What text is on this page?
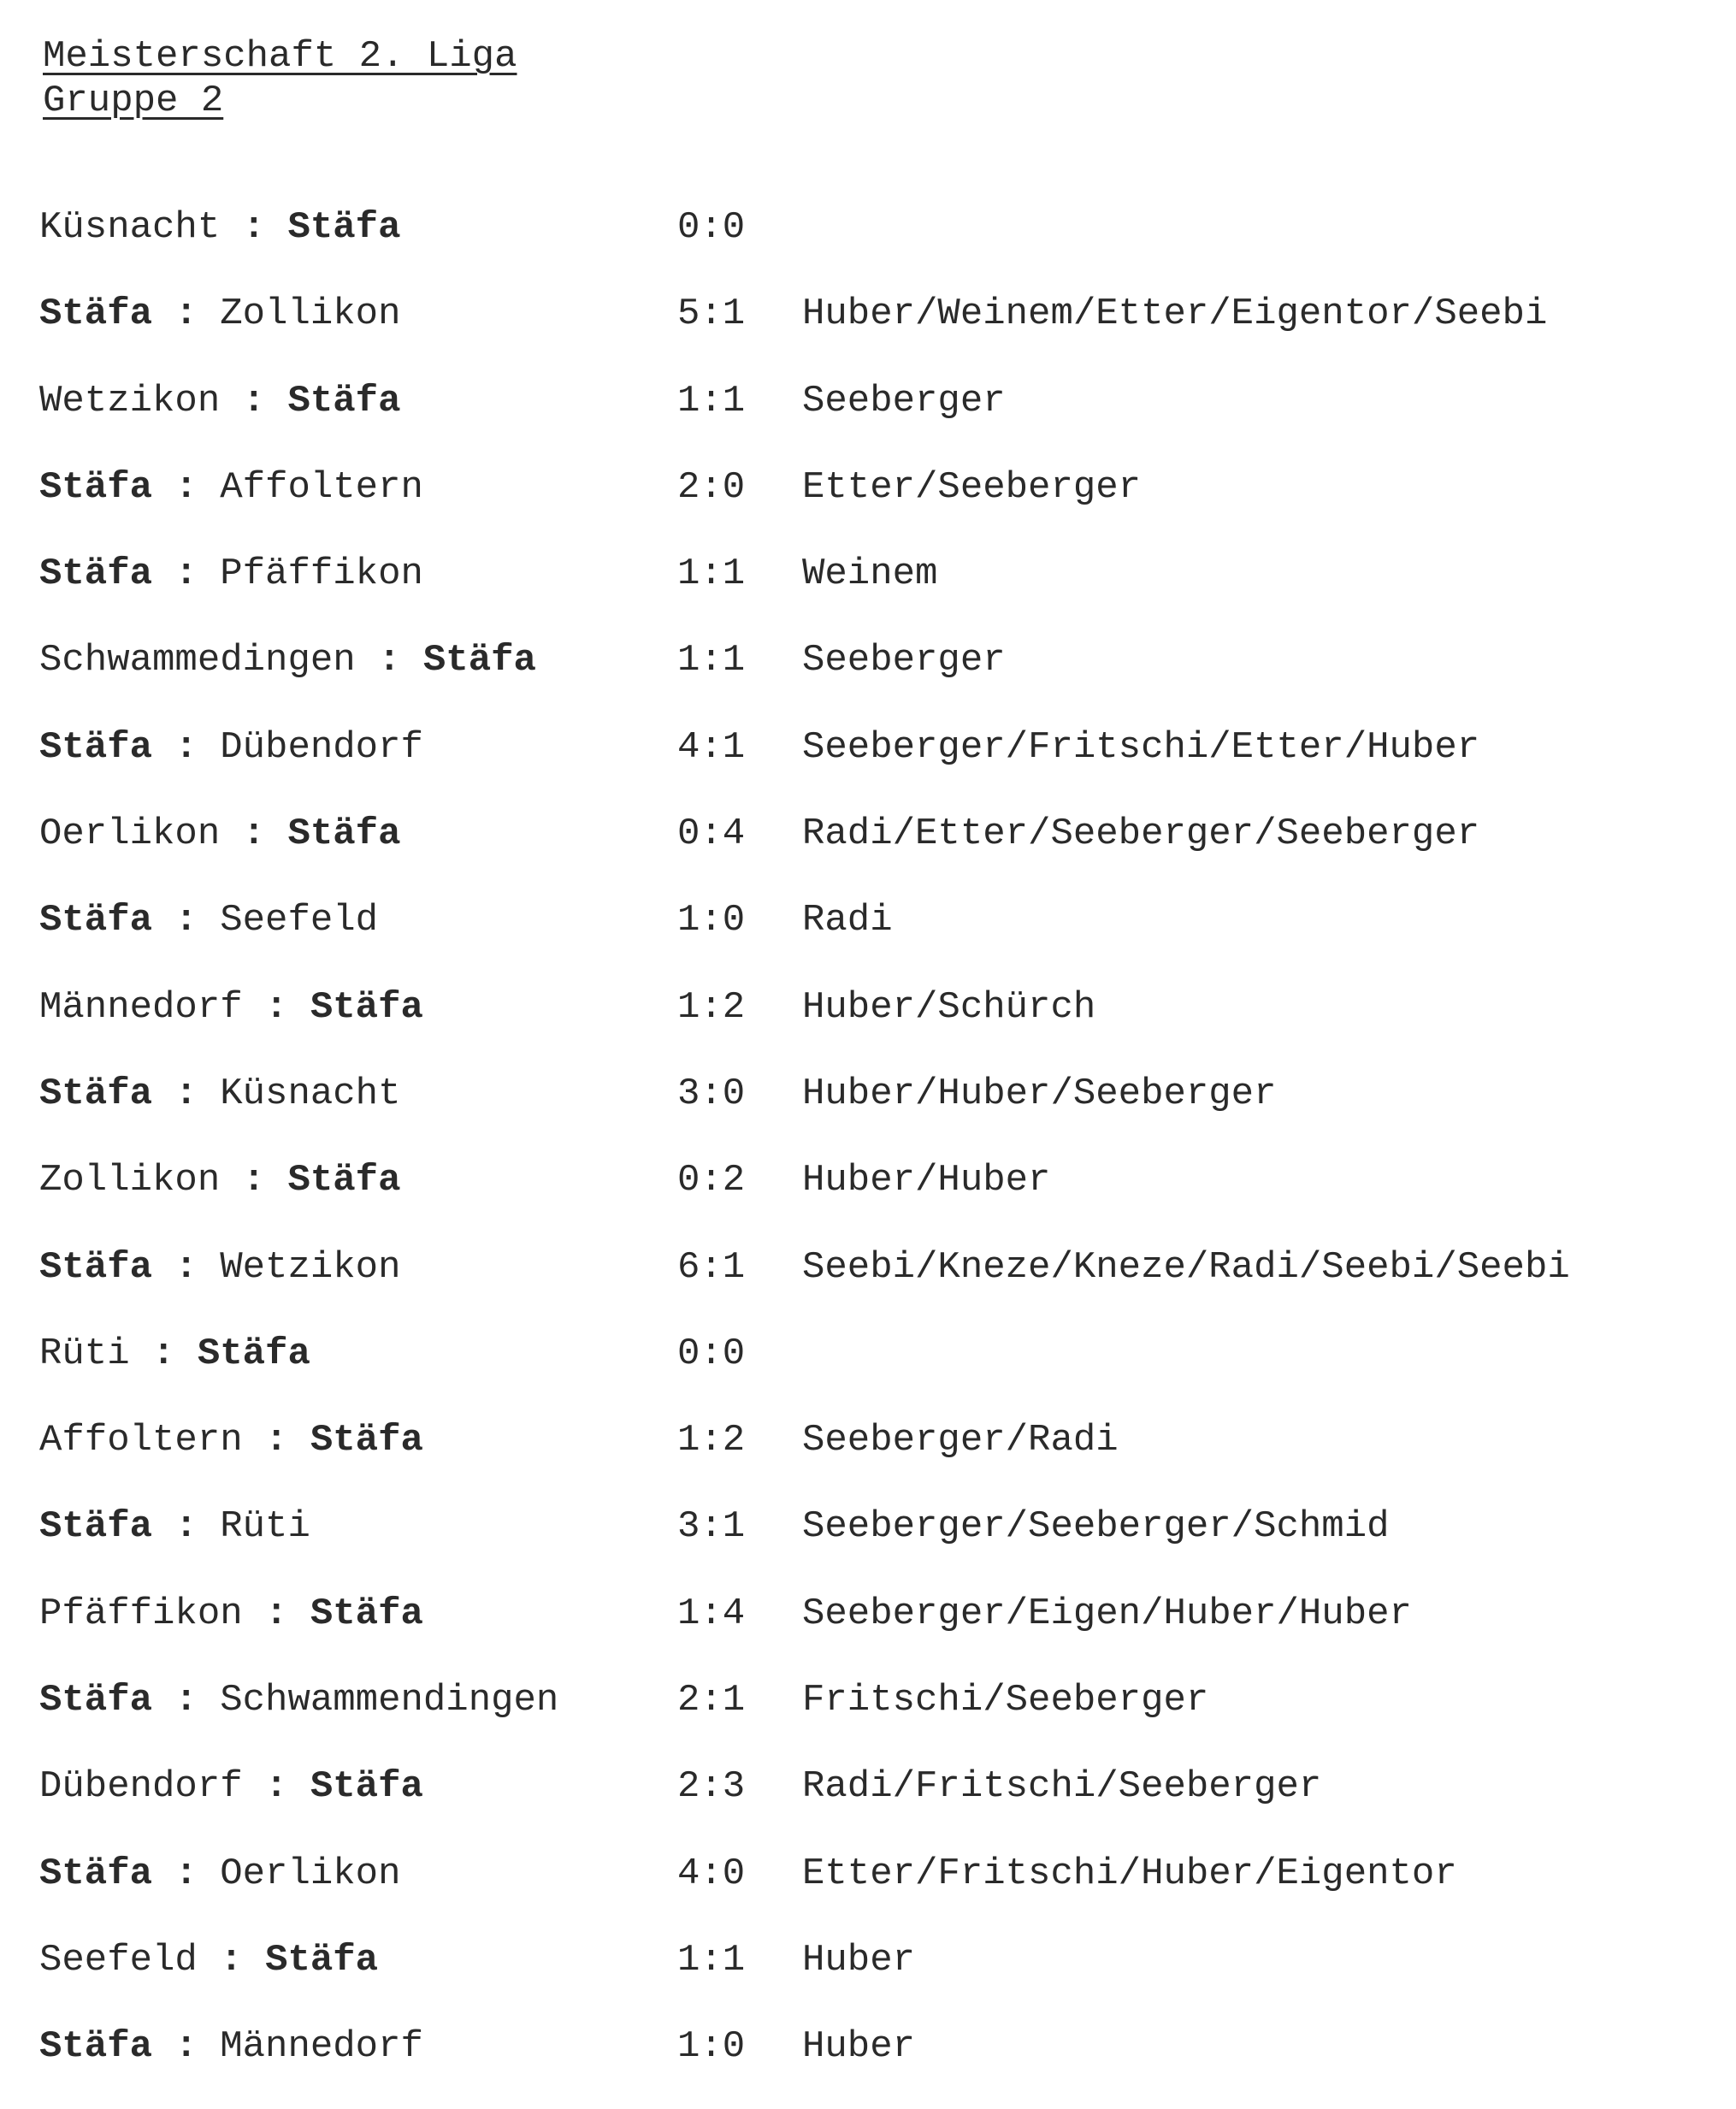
Meisterschaft 2. Liga
Gruppe 2
Küsnacht : Stäfa	0:0
Stäfa : Zollikon	5:1 Huber/Weinem/Etter/Eigentor/Seebi
Wetzikon : Stäfa	1:1 Seeberger
Stäfa : Affoltern	2:0 Etter/Seeberger
Stäfa : Pfäffikon	1:1 Weinem
Schwammedingen : Stäfa	1:1 Seeberger
Stäfa : Dübendorf	4:1 Seeberger/Fritschi/Etter/Huber
Oerlikon : Stäfa	0:4 Radi/Etter/Seeberger/Seeberger
Stäfa : Seefeld	1:0 Radi
Männedorf : Stäfa	1:2 Huber/Schürch
Stäfa : Küsnacht	3:0 Huber/Huber/Seeberger
Zollikon : Stäfa	0:2 Huber/Huber
Stäfa : Wetzikon	6:1 Seebi/Kneze/Kneze/Radi/Seebi/Seebi
Rüti : Stäfa	0:0
Affoltern : Stäfa	1:2 Seeberger/Radi
Stäfa : Rüti	3:1 Seeberger/Seeberger/Schmid
Pfäffikon : Stäfa	1:4 Seeberger/Eigen/Huber/Huber
Stäfa : Schwammendingen	2:1 Fritschi/Seeberger
Dübendorf : Stäfa	2:3 Radi/Fritschi/Seeberger
Stäfa : Oerlikon	4:0 Etter/Fritschi/Huber/Eigentor
Seefeld : Stäfa	1:1 Huber
Stäfa : Männedorf	1:0 Huber
